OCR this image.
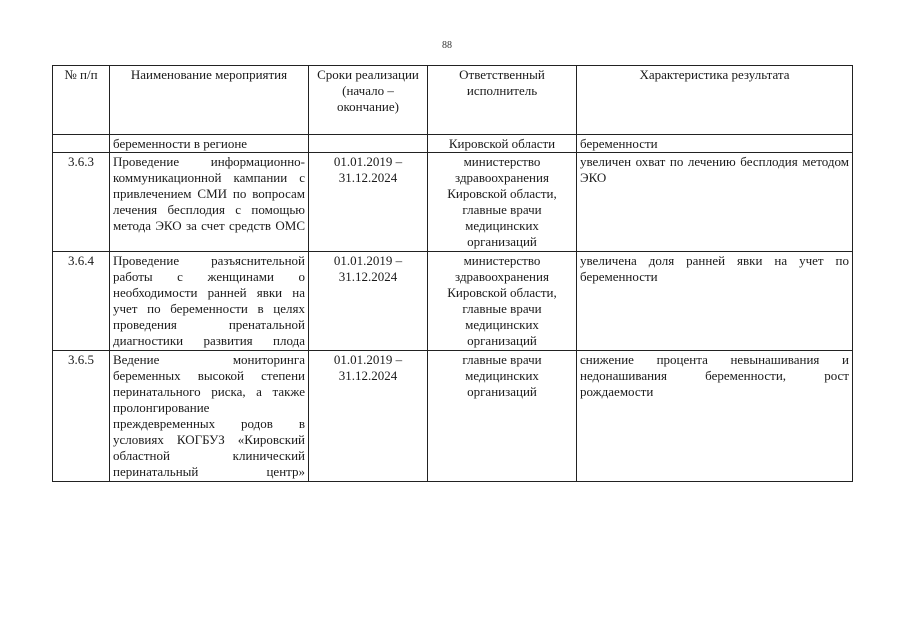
88
№ п/п	Наименование мероприятия	Сроки реализации (начало – окончание)	Ответственный исполнитель	Характеристика результата
	беременности в регионе		Кировской области	беременности
3.6.3	Проведение информационно-коммуникационной кампании с привлечением СМИ по вопросам лечения бесплодия с помощью метода ЭКО за счет средств ОМС	01.01.2019 – 31.12.2024	министерство здравоохранения Кировской области, главные врачи медицинских организаций	увеличен охват по лечению бесплодия методом ЭКО
3.6.4	Проведение разъяснительной работы с женщинами о необходимости ранней явки на учет по беременности в целях проведения пренатальной диагностики развития плода	01.01.2019 – 31.12.2024	министерство здравоохранения Кировской области, главные врачи медицинских организаций	увеличена доля ранней явки на учет по беременности
3.6.5	Ведение мониторинга беременных высокой степени перинатального риска, а также пролонгирование преждевременных родов в условиях КОГБУЗ «Кировский областной клинический перинатальный центр»	01.01.2019 – 31.12.2024	главные врачи медицинских организаций	снижение процента невынашивания и недонашивания беременности, рост рождаемости
